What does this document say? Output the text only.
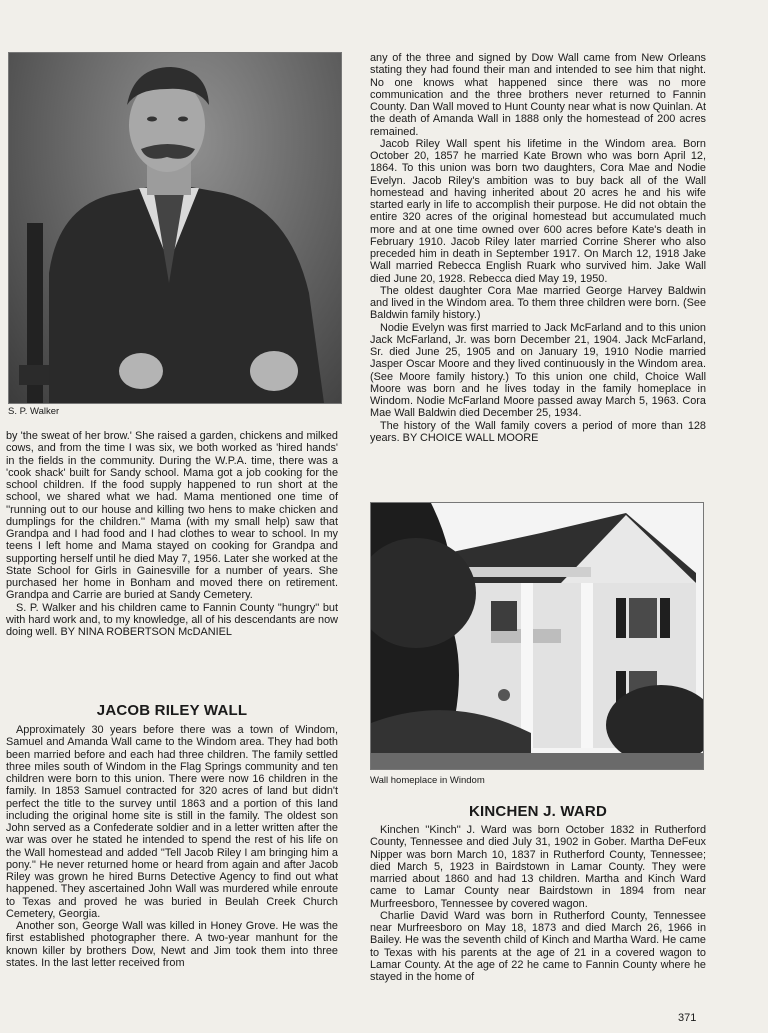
S. P. Walker

by 'the sweat of her brow.' She raised a garden, chickens and milked cows, and from the time I was six, we both worked as 'hired hands' in the fields in the community. During the W.P.A. time, there was a 'cook shack' built for Sandy school. Mama got a job cooking for the school children. If the food supply happened to run short at the school, we shared what we had. Mama mentioned one time of ''running out to our house and killing two hens to make chicken and dumplings for the children.'' Mama (with my small help) saw that Grandpa and I had food and I had clothes to wear to school. In my teens I left home and Mama stayed on cooking for Grandpa and supporting herself until he died May 7, 1956. Later she worked at the State School for Girls in Gainesville for a number of years. She purchased her home in Bonham and moved there on retirement. Grandpa and Carrie are buried at Sandy Cemetery.

S. P. Walker and his children came to Fannin County ''hungry'' but with hard work and, to my knowledge, all of his descendants are now doing well. BY NINA ROBERTSON McDANIEL

JACOB RILEY WALL

Approximately 30 years before there was a town of Windom, Samuel and Amanda Wall came to the Windom area. They had both been married before and each had three children. The family settled three miles south of Windom in the Flag Springs community and ten children were born to this union. There were now 16 children in the family. In 1853 Samuel contracted for 320 acres of land but didn't perfect the title to the survey until 1863 and a portion of this land including the original home site is still in the family. The oldest son John served as a Confederate soldier and in a letter written after the war was over he stated he intended to spend the rest of his life on the Wall homestead and added ''Tell Jacob Riley I am bringing him a pony.'' He never returned home or heard from again and after Jacob Riley was grown he hired Burns Detective Agency to find out what happened. They ascertained John Wall was murdered while enroute to Texas and proved he was buried in Beulah Creek Church Cemetery, Georgia.

Another son, George Wall was killed in Honey Grove. He was the first established photographer there. A two-year manhunt for the known killer by brothers Dow, Newt and Jim took them into three states. In the last letter received from

any of the three and signed by Dow Wall came from New Orleans stating they had found their man and intended to see him that night. No one knows what happened since there was no more communication and the three brothers never returned to Fannin County. Dan Wall moved to Hunt County near what is now Quinlan. At the death of Amanda Wall in 1888 only the homestead of 200 acres remained.

Jacob Riley Wall spent his lifetime in the Windom area. Born October 20, 1857 he married Kate Brown who was born April 12, 1864. To this union was born two daughters, Cora Mae and Nodie Evelyn. Jacob Riley's ambition was to buy back all of the Wall homestead and having inherited about 20 acres he and his wife started early in life to accomplish their purpose. He did not obtain the entire 320 acres of the original homestead but accumulated much more and at one time owned over 600 acres before Kate's death in February 1910. Jacob Riley later married Corrine Sherer who also preceded him in death in September 1917. On March 12, 1918 Jake Wall married Rebecca English Ruark who survived him. Jake Wall died June 20, 1928. Rebecca died May 19, 1950.

The oldest daughter Cora Mae married George Harvey Baldwin and lived in the Windom area. To them three children were born. (See Baldwin family history.)

Nodie Evelyn was first married to Jack McFarland and to this union Jack McFarland, Jr. was born December 21, 1904. Jack McFarland, Sr. died June 25, 1905 and on January 19, 1910 Nodie married Jasper Oscar Moore and they lived continuously in the Windom area. (See Moore family history.) To this union one child, Choice Wall Moore was born and he lives today in the family homeplace in Windom. Nodie McFarland Moore passed away March 5, 1963. Cora Mae Wall Baldwin died December 25, 1934.

The history of the Wall family covers a period of more than 128 years. BY CHOICE WALL MOORE

Wall homeplace in Windom
KINCHEN J. WARD

Kinchen ''Kinch'' J. Ward was born October 1832 in Rutherford County, Tennessee and died July 31, 1902 in Gober. Martha DeFeux Nipper was born March 10, 1837 in Rutherford County, Tennessee; died March 5, 1923 in Bairdstown in Lamar County. They were married about 1860 and had 13 children. Martha and Kinch Ward came to Lamar County near Bairdstown in 1894 from near Murfreesboro, Tennessee by covered wagon.

Charlie David Ward was born in Rutherford County, Tennessee near Murfreesboro on May 18, 1873 and died March 26, 1966 in Bailey. He was the seventh child of Kinch and Martha Ward. He came to Texas with his parents at the age of 21 in a covered wagon to Lamar County. At the age of 22 he came to Fannin County where he stayed in the home of

371
